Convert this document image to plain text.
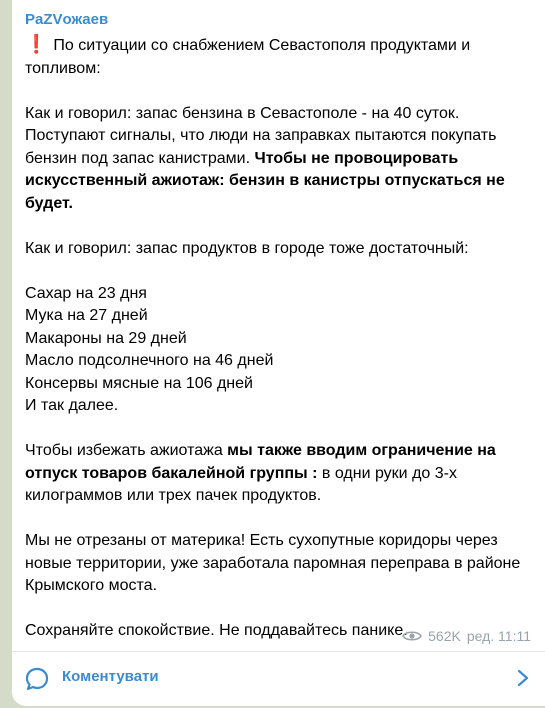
PaZVожаев

❗ По ситуации со снабжением Севастополя продуктами и топливом:

Как и говорил: запас бензина в Севастополе - на 40 суток. Поступают сигналы, что люди на заправках пытаются покупать бензин под запас канистрами. Чтобы не провоцировать искусственный ажиотаж: бензин в канистры отпускаться не будет.

Как и говорил: запас продуктов в городе тоже достаточный:

Сахар на 23 дня

Мука на 27 дней

Макароны на 29 дней

Масло подсолнечного на 46 дней

Консервы мясные на 106 дней

И так далее.

Чтобы избежать ажиотажа мы также вводим ограничение на отпуск товаров бакалейной группы : в одни руки до 3-х килограммов или трех пачек продуктов.

Мы не отрезаны от материка! Есть сухопутные коридоры через новые территории, уже заработала паромная переправа в районе Крымского моста.

Сохраняйте спокойствие. Не поддавайтесь панике.	562K ред. 11:11
Коментувати
